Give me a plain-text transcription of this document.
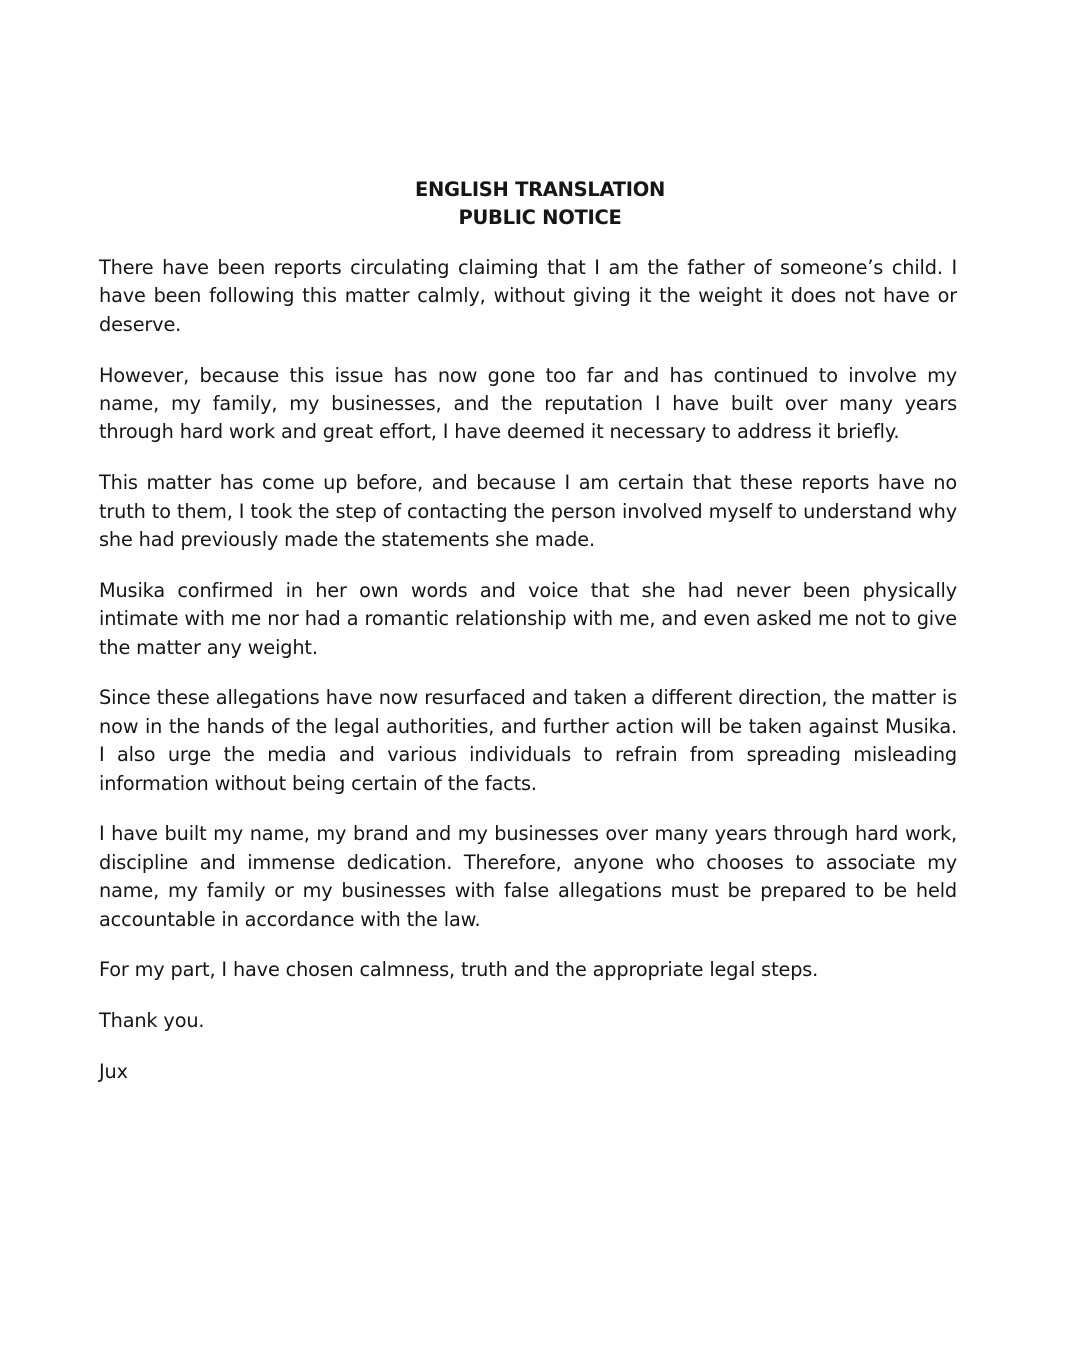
ENGLISH TRANSLATION
PUBLIC NOTICE

There have been reports circulating claiming that I am the father of someone’s child. I have been following this matter calmly, without giving it the weight it does not have or deserve.

However, because this issue has now gone too far and has continued to involve my name, my family, my businesses, and the reputation I have built over many years through hard work and great effort, I have deemed it necessary to address it briefly.

This matter has come up before, and because I am certain that these reports have no truth to them, I took the step of contacting the person involved myself to understand why she had previously made the statements she made.

Musika confirmed in her own words and voice that she had never been physically intimate with me nor had a romantic relationship with me, and even asked me not to give the matter any weight.

Since these allegations have now resurfaced and taken a different direction, the matter is now in the hands of the legal authorities, and further action will be taken against Musika. I also urge the media and various individuals to refrain from spreading misleading information without being certain of the facts.

I have built my name, my brand and my businesses over many years through hard work, discipline and immense dedication. Therefore, anyone who chooses to associate my name, my family or my businesses with false allegations must be prepared to be held accountable in accordance with the law.

For my part, I have chosen calmness, truth and the appropriate legal steps.

Thank you.

Jux
